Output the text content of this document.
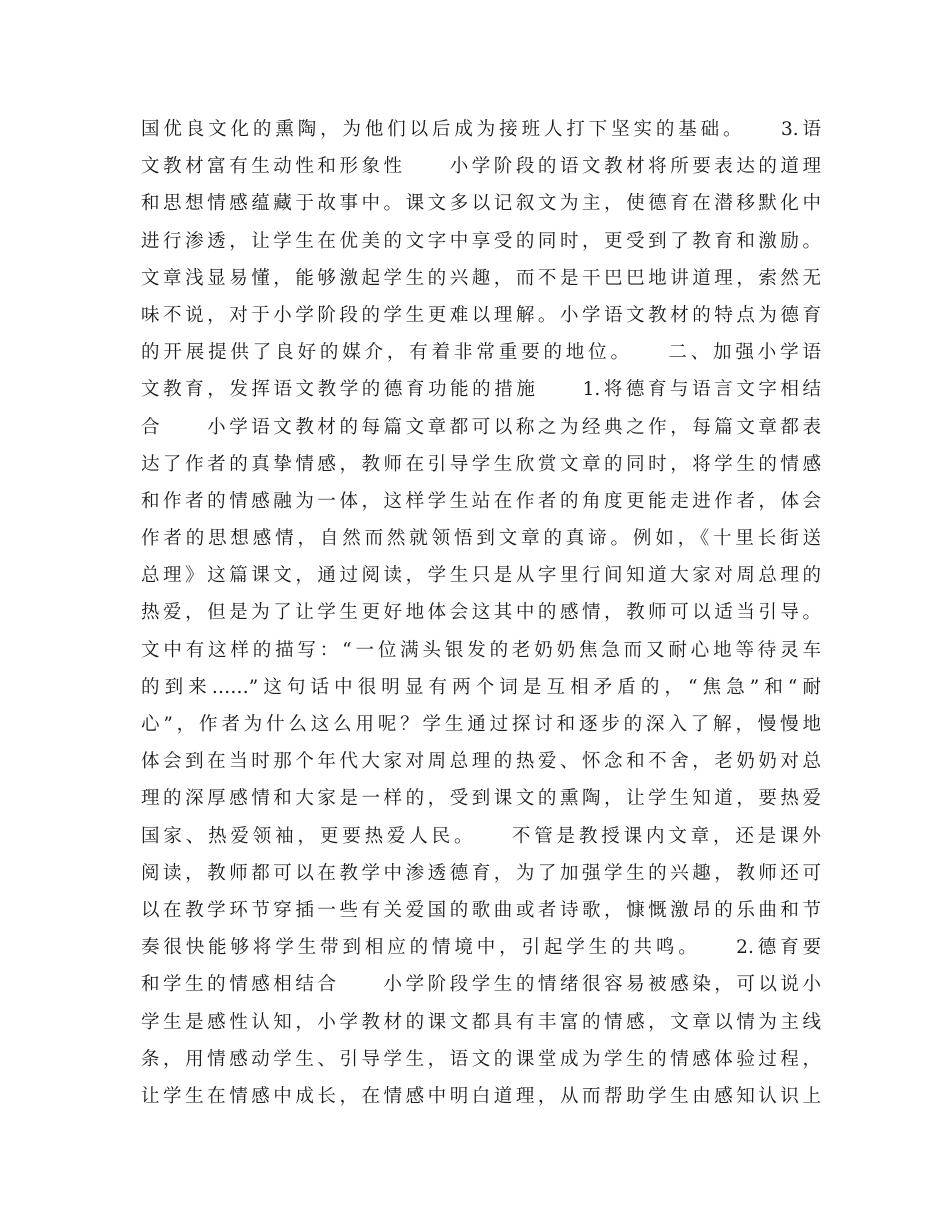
国优良文化的熏陶，为他们以后成为接班人打下坚实的基础。　　3.语
文教材富有生动性和形象性　　小学阶段的语文教材将所要表达的道理
和思想情感蕴藏于故事中。课文多以记叙文为主，使德育在潜移默化中
进行渗透，让学生在优美的文字中享受的同时，更受到了教育和激励。
文章浅显易懂，能够激起学生的兴趣，而不是干巴巴地讲道理，索然无
味不说，对于小学阶段的学生更难以理解。小学语文教材的特点为德育
的开展提供了良好的媒介，有着非常重要的地位。　　二、加强小学语
文教育，发挥语文教学的德育功能的措施　　1.将德育与语言文字相结
合　　小学语文教材的每篇文章都可以称之为经典之作，每篇文章都表
达了作者的真挚情感，教师在引导学生欣赏文章的同时，将学生的情感
和作者的情感融为一体，这样学生站在作者的角度更能走进作者，体会
作者的思想感情，自然而然就领悟到文章的真谛。例如，《十里长街送
总理》这篇课文，通过阅读，学生只是从字里行间知道大家对周总理的
热爱，但是为了让学生更好地体会这其中的感情，教师可以适当引导。
文中有这样的描写：“一位满头银发的老奶奶焦急而又耐心地等待灵车
的到来……”这句话中很明显有两个词是互相矛盾的，“焦急”和“耐
心”，作者为什么这么用呢？学生通过探讨和逐步的深入了解，慢慢地
体会到在当时那个年代大家对周总理的热爱、怀念和不舍，老奶奶对总
理的深厚感情和大家是一样的，受到课文的熏陶，让学生知道，要热爱
国家、热爱领袖，更要热爱人民。　　不管是教授课内文章，还是课外
阅读，教师都可以在教学中渗透德育，为了加强学生的兴趣，教师还可
以在教学环节穿插一些有关爱国的歌曲或者诗歌，慷慨激昂的乐曲和节
奏很快能够将学生带到相应的情境中，引起学生的共鸣。　　2.德育要
和学生的情感相结合　　小学阶段学生的情绪很容易被感染，可以说小
学生是感性认知，小学教材的课文都具有丰富的情感，文章以情为主线
条，用情感动学生、引导学生，语文的课堂成为学生的情感体验过程，
让学生在情感中成长，在情感中明白道理，从而帮助学生由感知认识上
